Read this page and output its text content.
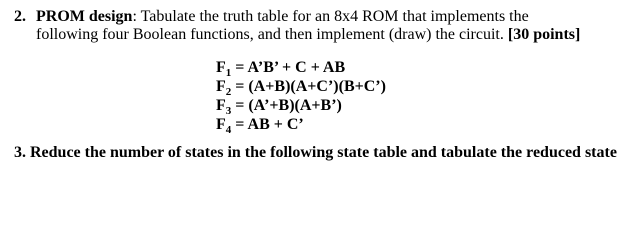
2. PROM design: Tabulate the truth table for an 8x4 ROM that implements the
following four Boolean functions, and then implement (draw) the circuit. [30 points]
$F_1$ = A’B’ + C + AB
$F_2$ = (A+B)(A+C’)(B+C’)
$F_3$ = (A’+B)(A+B’)
$F_4$ = AB + C’
3. Reduce the number of states in the following state table and tabulate the reduced state
